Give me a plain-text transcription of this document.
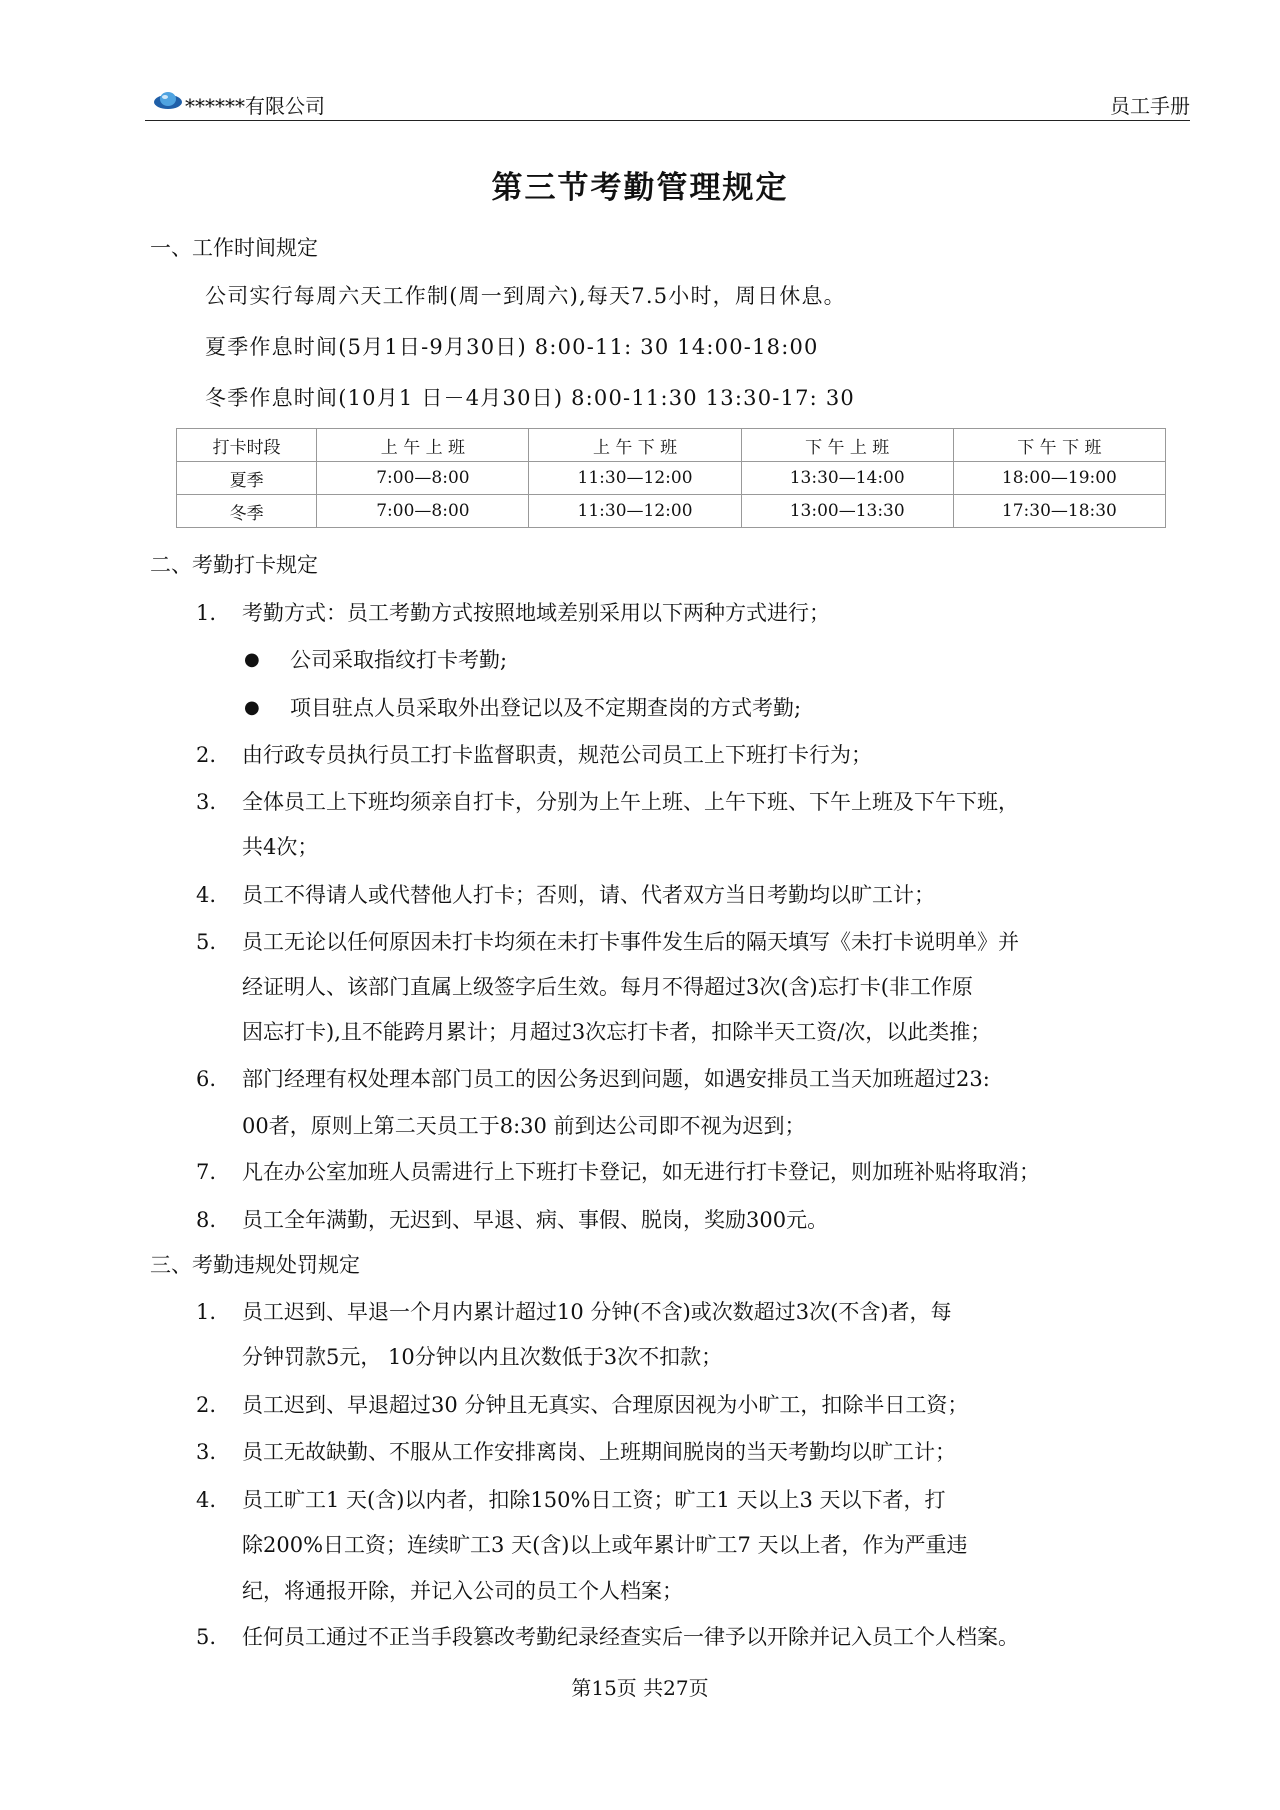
******有限公司	员工手册
第三节考勤管理规定
一、工作时间规定
公司实行每周六天工作制(周一到周六),每天7.5小时，周日休息。
夏季作息时间(5月1日-9月30日) 8:00-11: 30 14:00-18:00
冬季作息时间(10月1 日－4月30日) 8:00-11:30 13:30-17: 30
打卡时段	上 午 上 班	上 午 下 班	下 午 上 班	下 午 下 班
夏季	7:00—8:00	11:30—12:00	13:30—14:00	18:00—19:00
冬季	7:00—8:00	11:30—12:00	13:00—13:30	17:30—18:30
二、考勤打卡规定
1. 考勤方式：员工考勤方式按照地域差别采用以下两种方式进行；
● 公司采取指纹打卡考勤;
● 项目驻点人员采取外出登记以及不定期查岗的方式考勤;
2. 由行政专员执行员工打卡监督职责，规范公司员工上下班打卡行为；
3. 全体员工上下班均须亲自打卡，分别为上午上班、上午下班、下午上班及下午下班，
共4次；
4. 员工不得请人或代替他人打卡；否则，请、代者双方当日考勤均以旷工计；
5. 员工无论以任何原因未打卡均须在未打卡事件发生后的隔天填写《未打卡说明单》并
经证明人、该部门直属上级签字后生效。每月不得超过3次(含)忘打卡(非工作原
因忘打卡),且不能跨月累计；月超过3次忘打卡者，扣除半天工资/次，以此类推；
6. 部门经理有权处理本部门员工的因公务迟到问题，如遇安排员工当天加班超过23:
00者，原则上第二天员工于8:30 前到达公司即不视为迟到；
7. 凡在办公室加班人员需进行上下班打卡登记，如无进行打卡登记，则加班补贴将取消；
8. 员工全年满勤，无迟到、早退、病、事假、脱岗，奖励300元。
三、考勤违规处罚规定
1. 员工迟到、早退一个月内累计超过10 分钟(不含)或次数超过3次(不含)者，每
分钟罚款5元， 10分钟以内且次数低于3次不扣款；
2. 员工迟到、早退超过30 分钟且无真实、合理原因视为小旷工，扣除半日工资；
3. 员工无故缺勤、不服从工作安排离岗、上班期间脱岗的当天考勤均以旷工计；
4. 员工旷工1 天(含)以内者，扣除150%日工资；旷工1 天以上3 天以下者，打
除200%日工资；连续旷工3 天(含)以上或年累计旷工7 天以上者，作为严重违
纪，将通报开除，并记入公司的员工个人档案；
5. 任何员工通过不正当手段篡改考勤纪录经查实后一律予以开除并记入员工个人档案。
第15页 共27页
